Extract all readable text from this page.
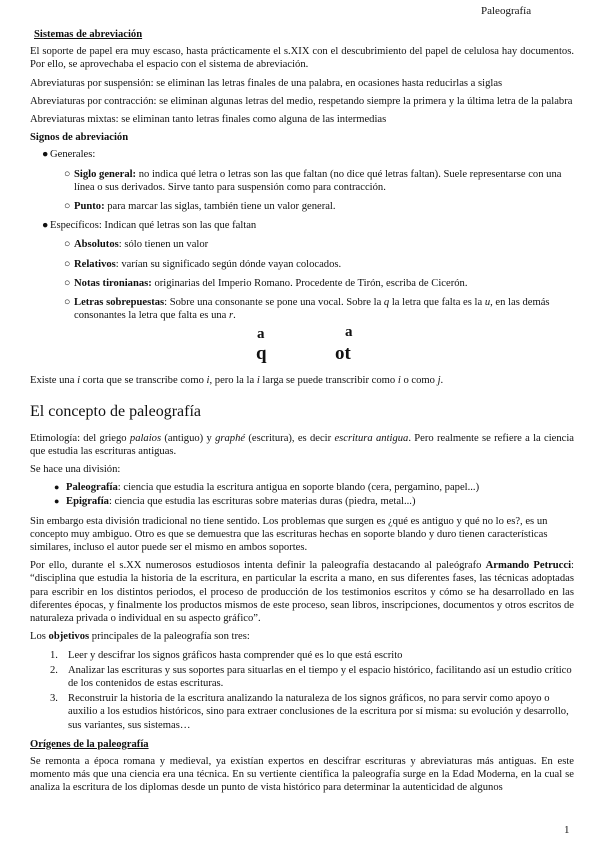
Paleografía
Sistemas de abreviación

El soporte de papel era muy escaso, hasta prácticamente el s.XIX con el descubrimiento del papel de celulosa hay documentos. Por ello, se aprovechaba el espacio con el sistema de abreviación.

Abreviaturas por suspensión: se eliminan las letras finales de una palabra, en ocasiones hasta reducirlas a siglas

Abreviaturas por contracción: se eliminan algunas letras del medio, respetando siempre la primera y la última letra de la palabra

Abreviaturas mixtas: se eliminan tanto letras finales como alguna de las intermedias

Signos de abreviación
● Generales:
○ Siglo general: no indica qué letra o letras son las que faltan (no dice qué letras faltan). Suele representarse con una línea o sus derivados. Sirve tanto para suspensión como para contracción.
○ Punto: para marcar las siglas, también tiene un valor general.
● Específicos: Indican qué letras son las que faltan
○ Absolutos: sólo tienen un valor
○ Relativos: varían su significado según dónde vayan colocados.
○ Notas tironianas: originarias del Imperio Romano. Procedente de Tirón, escriba de Cicerón.
○ Letras sobrepuestas: Sobre una consonante se pone una vocal. Sobre la q la letra que falta es la u, en las demás consonantes la letra que falta es una r.
a
q
a
ot

Existe una i corta que se transcribe como i, pero la la i larga se puede transcribir como i o como j.

El concepto de paleografía

Etimología: del griego palaios (antiguo) y graphé (escritura), es decir escritura antigua. Pero realmente se refiere a la ciencia que estudia las escrituras antiguas.

Se hace una división:

● Paleografía: ciencia que estudia la escritura antigua en soporte blando (cera, pergamino, papel...)
● Epigrafía: ciencia que estudia las escrituras sobre materias duras (piedra, metal...)

Sin embargo esta división tradicional no tiene sentido. Los problemas que surgen es ¿qué es antiguo y qué no lo es?, es un concepto muy ambiguo. Otro es que se demuestra que las escrituras hechas en soporte blando y duro tienen características similares, incluso el autor puede ser el mismo en ambos soportes.

Por ello, durante el s.XX numerosos estudiosos intenta definir la paleografía destacando al paleógrafo Armando Petrucci: “disciplina que estudia la historia de la escritura, en particular la escrita a mano, en sus diferentes fases, las técnicas adoptadas para escribir en los distintos periodos, el proceso de producción de los testimonios escritos y cómo se ha desarrollado en las diferentes épocas, y finalmente los productos mismos de este proceso, sean libros, inscripciones, documentos y otros escritos de naturaleza privada o individual en su aspecto gráfico”.

Los objetivos principales de la paleografía son tres:

1. Leer y descifrar los signos gráficos hasta comprender qué es lo que está escrito
2. Analizar las escrituras y sus soportes para situarlas en el tiempo y el espacio histórico, facilitando así un estudio crítico de los contenidos de estas escrituras.
3. Reconstruir la historia de la escritura analizando la naturaleza de los signos gráficos, no para servir como apoyo o auxilio a los estudios históricos, sino para extraer conclusiones de la escritura por sí misma: su evolución y desarrollo, sus variantes, sus sistemas…
Orígenes de la paleografía

Se remonta a época romana y medieval, ya existían expertos en descifrar escrituras y abreviaturas más antiguas. En este momento más que una ciencia era una técnica. En su vertiente científica la paleografía surge en la Edad Moderna, en la cual se analiza la escritura de los diplomas desde un punto de vista histórico para determinar la autenticidad de algunos

1
